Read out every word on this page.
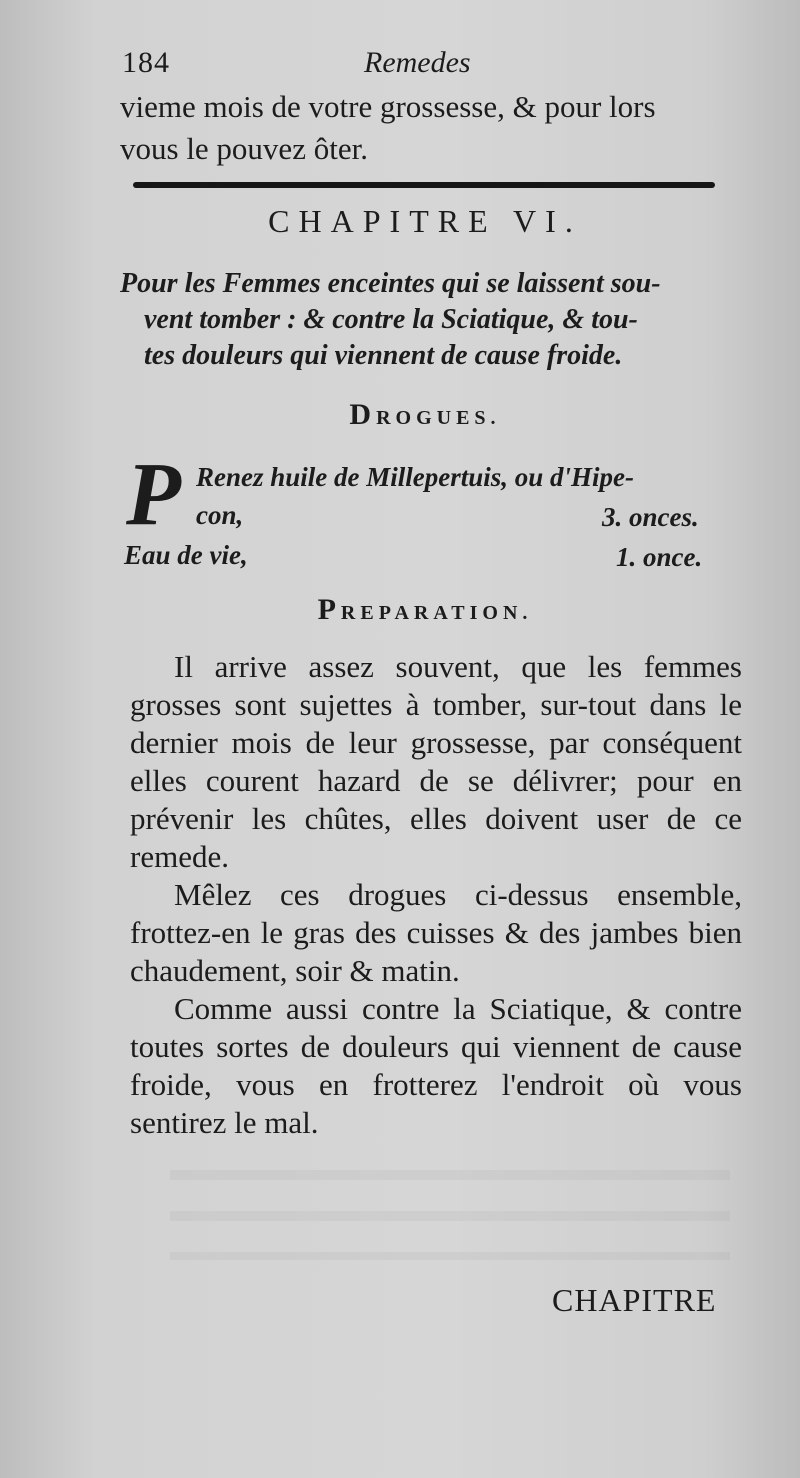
184	Remedes

vieme mois de votre grossesse, & pour lors
vous le pouvez ôter.

CHAPITRE VI.

Pour les Femmes enceintes qui se laissent sou-
vent tomber : & contre la Sciatique, & tou-
tes douleurs qui viennent de cause froide.

DROGUES.
P Renez huile de Millepertuis, ou d'Hipe-
con,	3. onces.
Eau de vie,	1. once.
PREPARATION.

Il arrive assez souvent, que les femmes grosses sont sujettes à tomber, sur-tout dans le dernier mois de leur grossesse, par conséquent elles courent hazard de se délivrer; pour en prévenir les chûtes, elles doivent user de ce remede.

Mêlez ces drogues ci-dessus ensemble, frottez-en le gras des cuisses & des jambes bien chaudement, soir & matin.

Comme aussi contre la Sciatique, & contre toutes sortes de douleurs qui viennent de cause froide, vous en frotterez l'endroit où vous sentirez le mal.

CHAPITRE
